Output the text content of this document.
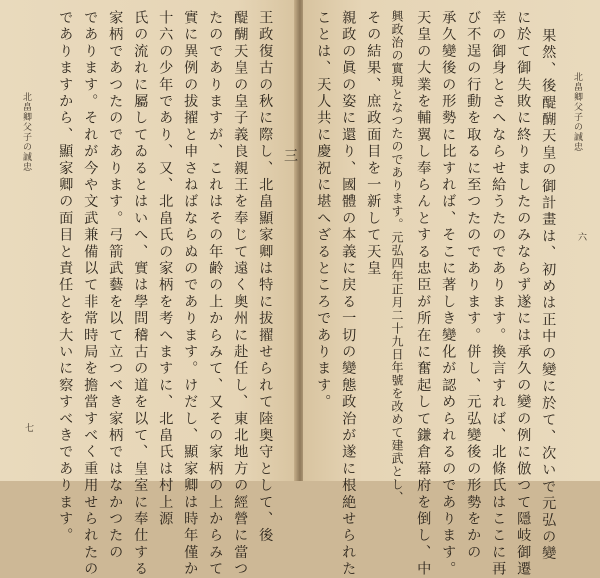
北畠卿父子の誠忠
七	王政復古の秋に際し、北畠顯家卿は特に拔擢せられて陸奥守として、後
醍醐天皇の皇子義良親王を奉じて遠く奥州に赴任し、東北地方の經營に當つ
たのでありますが、これはその年齢の上からみて、又その家柄の上からみて
實に異例の拔擢と申さねばならぬのであります。けだし、顯家卿は時年僅か
十六の少年であり、又、北畠氏の家柄を考へますに、北畠氏は村上源
氏の流れに屬してゐるとはいへ、實は學問稽古の道を以て、皇室に奉仕する
家柄であつたのであります。弓箭武藝を以て立つべき家柄ではなかつたの
であります。それが今や文武兼備以て非常時局を擔當すべく重用せられたの
でありますから、顯家卿の面目と責任とを大いに察すべきであります。	北畠卿父子の誠忠
六
果然、後醍醐天皇の御計畫は、初めは正中の變に於て、次いで元弘の變
に於て御失敗に終りましたのみならず遂には承久の變の例に倣つて隱岐御遷
幸の御身とさへならせ給うたのであります。換言すれば、北條氏はここに再
び不逞の行動を取るに至つたのであります。併し、元弘變後の形勢をかの
承久變後の形勢に比すれば、そこに著しき變化が認められるのであります。
天皇の大業を輔翼し奉らんとする忠臣が所在に奮起して鎌倉幕府を倒し、中
興政治の實現となつたのであります。元弘四年正月二十九日年號を改めて建武とし、
その結果、庶政面目を一新して天皇
親政の眞の姿に還り、國體の本義に戻る一切の變態政治が遂に根絶せられた
ことは、天人共に慶祝に堪へざるところであります。
三
